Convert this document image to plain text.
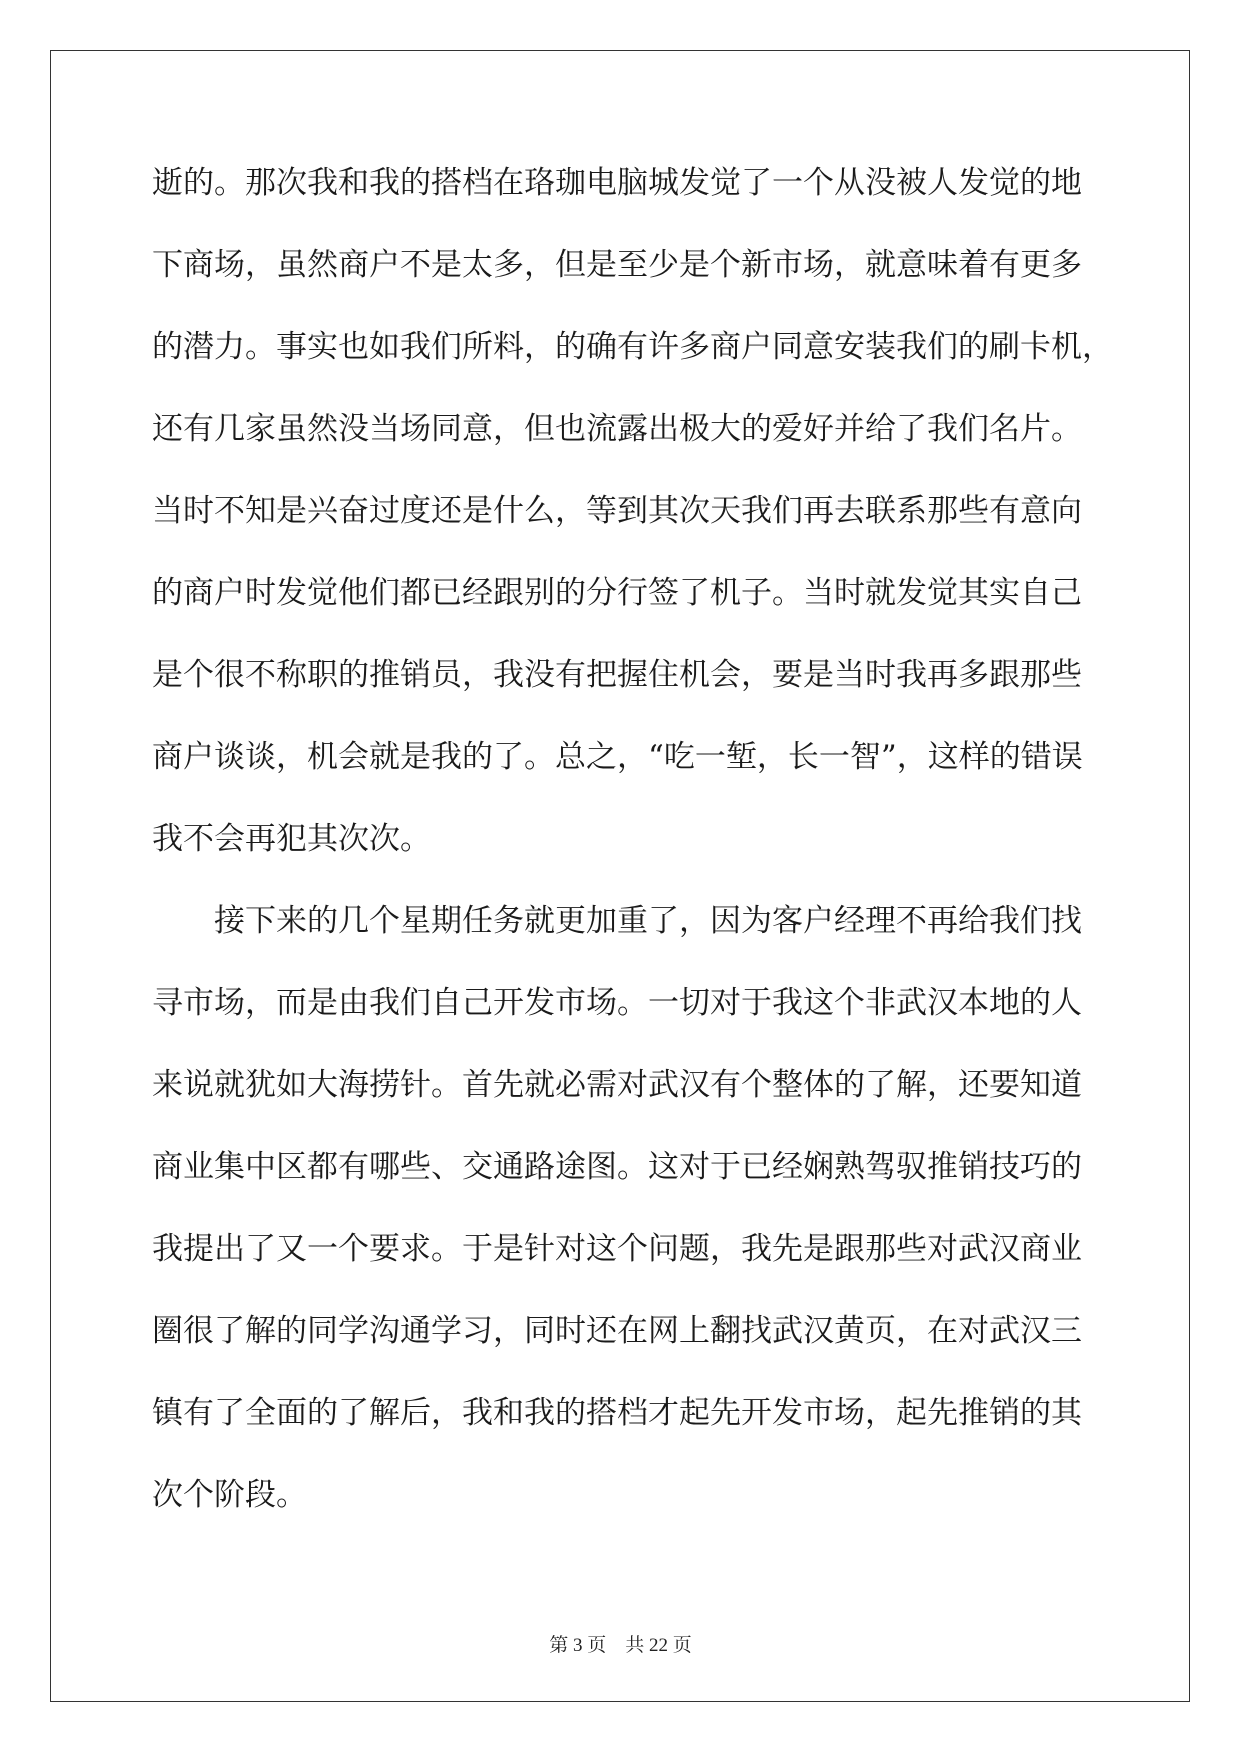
逝的。那次我和我的搭档在珞珈电脑城发觉了一个从没被人发觉的地
下商场，虽然商户不是太多，但是至少是个新市场，就意味着有更多
的潜力。事实也如我们所料，的确有许多商户同意安装我们的刷卡机，
还有几家虽然没当场同意，但也流露出极大的爱好并给了我们名片。
当时不知是兴奋过度还是什么，等到其次天我们再去联系那些有意向
的商户时发觉他们都已经跟别的分行签了机子。当时就发觉其实自己
是个很不称职的推销员，我没有把握住机会，要是当时我再多跟那些
商户谈谈，机会就是我的了。总之，“吃一堑，长一智”，这样的错误
我不会再犯其次次。
　　接下来的几个星期任务就更加重了，因为客户经理不再给我们找
寻市场，而是由我们自己开发市场。一切对于我这个非武汉本地的人
来说就犹如大海捞针。首先就必需对武汉有个整体的了解，还要知道
商业集中区都有哪些、交通路途图。这对于已经娴熟驾驭推销技巧的
我提出了又一个要求。于是针对这个问题，我先是跟那些对武汉商业
圈很了解的同学沟通学习，同时还在网上翻找武汉黄页，在对武汉三
镇有了全面的了解后，我和我的搭档才起先开发市场，起先推销的其
次个阶段。
第 3 页    共 22 页
